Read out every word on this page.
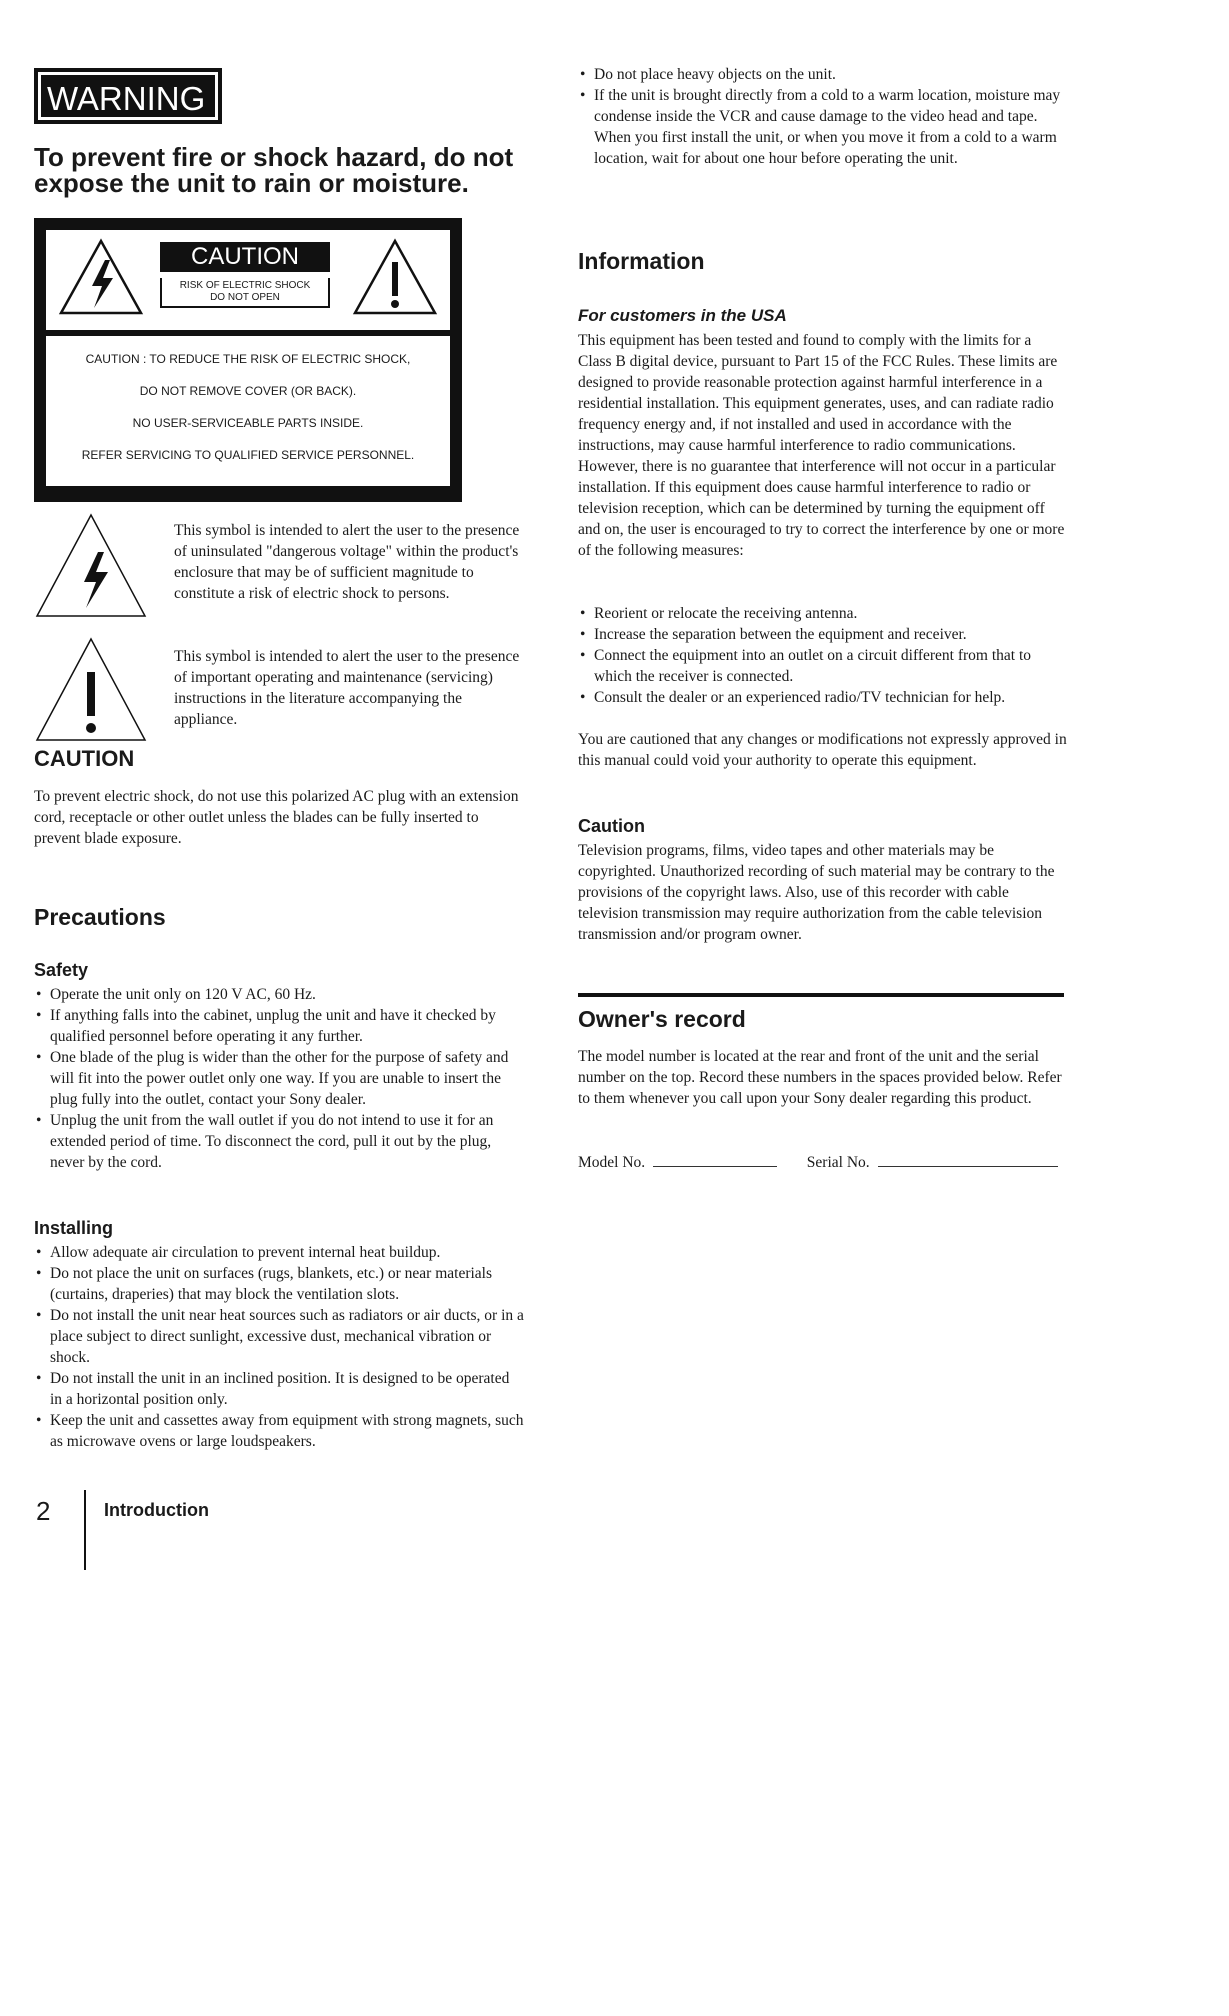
WARNING
To prevent fire or shock hazard, do not expose the unit to rain or moisture.
CAUTION
RISK OF ELECTRIC SHOCK
DO NOT OPEN
CAUTION : TO REDUCE THE RISK OF ELECTRIC SHOCK,
DO NOT REMOVE COVER (OR BACK).
NO USER-SERVICEABLE PARTS INSIDE.
REFER SERVICING TO QUALIFIED SERVICE PERSONNEL.
This symbol is intended to alert the user to the presence of uninsulated "dangerous voltage" within the product's enclosure that may be of sufficient magnitude to constitute a risk of electric shock to persons.
This symbol is intended to alert the user to the presence of important operating and maintenance (servicing) instructions in the literature accompanying the appliance.
CAUTION
To prevent electric shock, do not use this polarized AC plug with an extension cord, receptacle or other outlet unless the blades can be fully inserted to prevent blade exposure.
Precautions
Safety
• Operate the unit only on 120 V AC, 60 Hz.
• If anything falls into the cabinet, unplug the unit and have it checked by qualified personnel before operating it any further.
• One blade of the plug is wider than the other for the purpose of safety and will fit into the power outlet only one way. If you are unable to insert the plug fully into the outlet, contact your Sony dealer.
• Unplug the unit from the wall outlet if you do not intend to use it for an extended period of time. To disconnect the cord, pull it out by the plug, never by the cord.
Installing
• Allow adequate air circulation to prevent internal heat buildup.
• Do not place the unit on surfaces (rugs, blankets, etc.) or near materials (curtains, draperies) that may block the ventilation slots.
• Do not install the unit near heat sources such as radiators or air ducts, or in a place subject to direct sunlight, excessive dust, mechanical vibration or shock.
• Do not install the unit in an inclined position. It is designed to be operated in a horizontal position only.
• Keep the unit and cassettes away from equipment with strong magnets, such as microwave ovens or large loudspeakers.
2	Introduction
• Do not place heavy objects on the unit.
• If the unit is brought directly from a cold to a warm location, moisture may condense inside the VCR and cause damage to the video head and tape. When you first install the unit, or when you move it from a cold to a warm location, wait for about one hour before operating the unit.
Information
For customers in the USA
This equipment has been tested and found to comply with the limits for a Class B digital device, pursuant to Part 15 of the FCC Rules. These limits are designed to provide reasonable protection against harmful interference in a residential installation. This equipment generates, uses, and can radiate radio frequency energy and, if not installed and used in accordance with the instructions, may cause harmful interference to radio communications. However, there is no guarantee that interference will not occur in a particular installation. If this equipment does cause harmful interference to radio or television reception, which can be determined by turning the equipment off and on, the user is encouraged to try to correct the interference by one or more of the following measures:
• Reorient or relocate the receiving antenna.
• Increase the separation between the equipment and receiver.
• Connect the equipment into an outlet on a circuit different from that to which the receiver is connected.
• Consult the dealer or an experienced radio/TV technician for help.
You are cautioned that any changes or modifications not expressly approved in this manual could void your authority to operate this equipment.
Caution
Television programs, films, video tapes and other materials may be copyrighted. Unauthorized recording of such material may be contrary to the provisions of the copyright laws. Also, use of this recorder with cable television transmission may require authorization from the cable television transmission and/or program owner.
Owner's record
The model number is located at the rear and front of the unit and the serial number on the top. Record these numbers in the spaces provided below. Refer to them whenever you call upon your Sony dealer regarding this product.
Model No.	Serial No.
